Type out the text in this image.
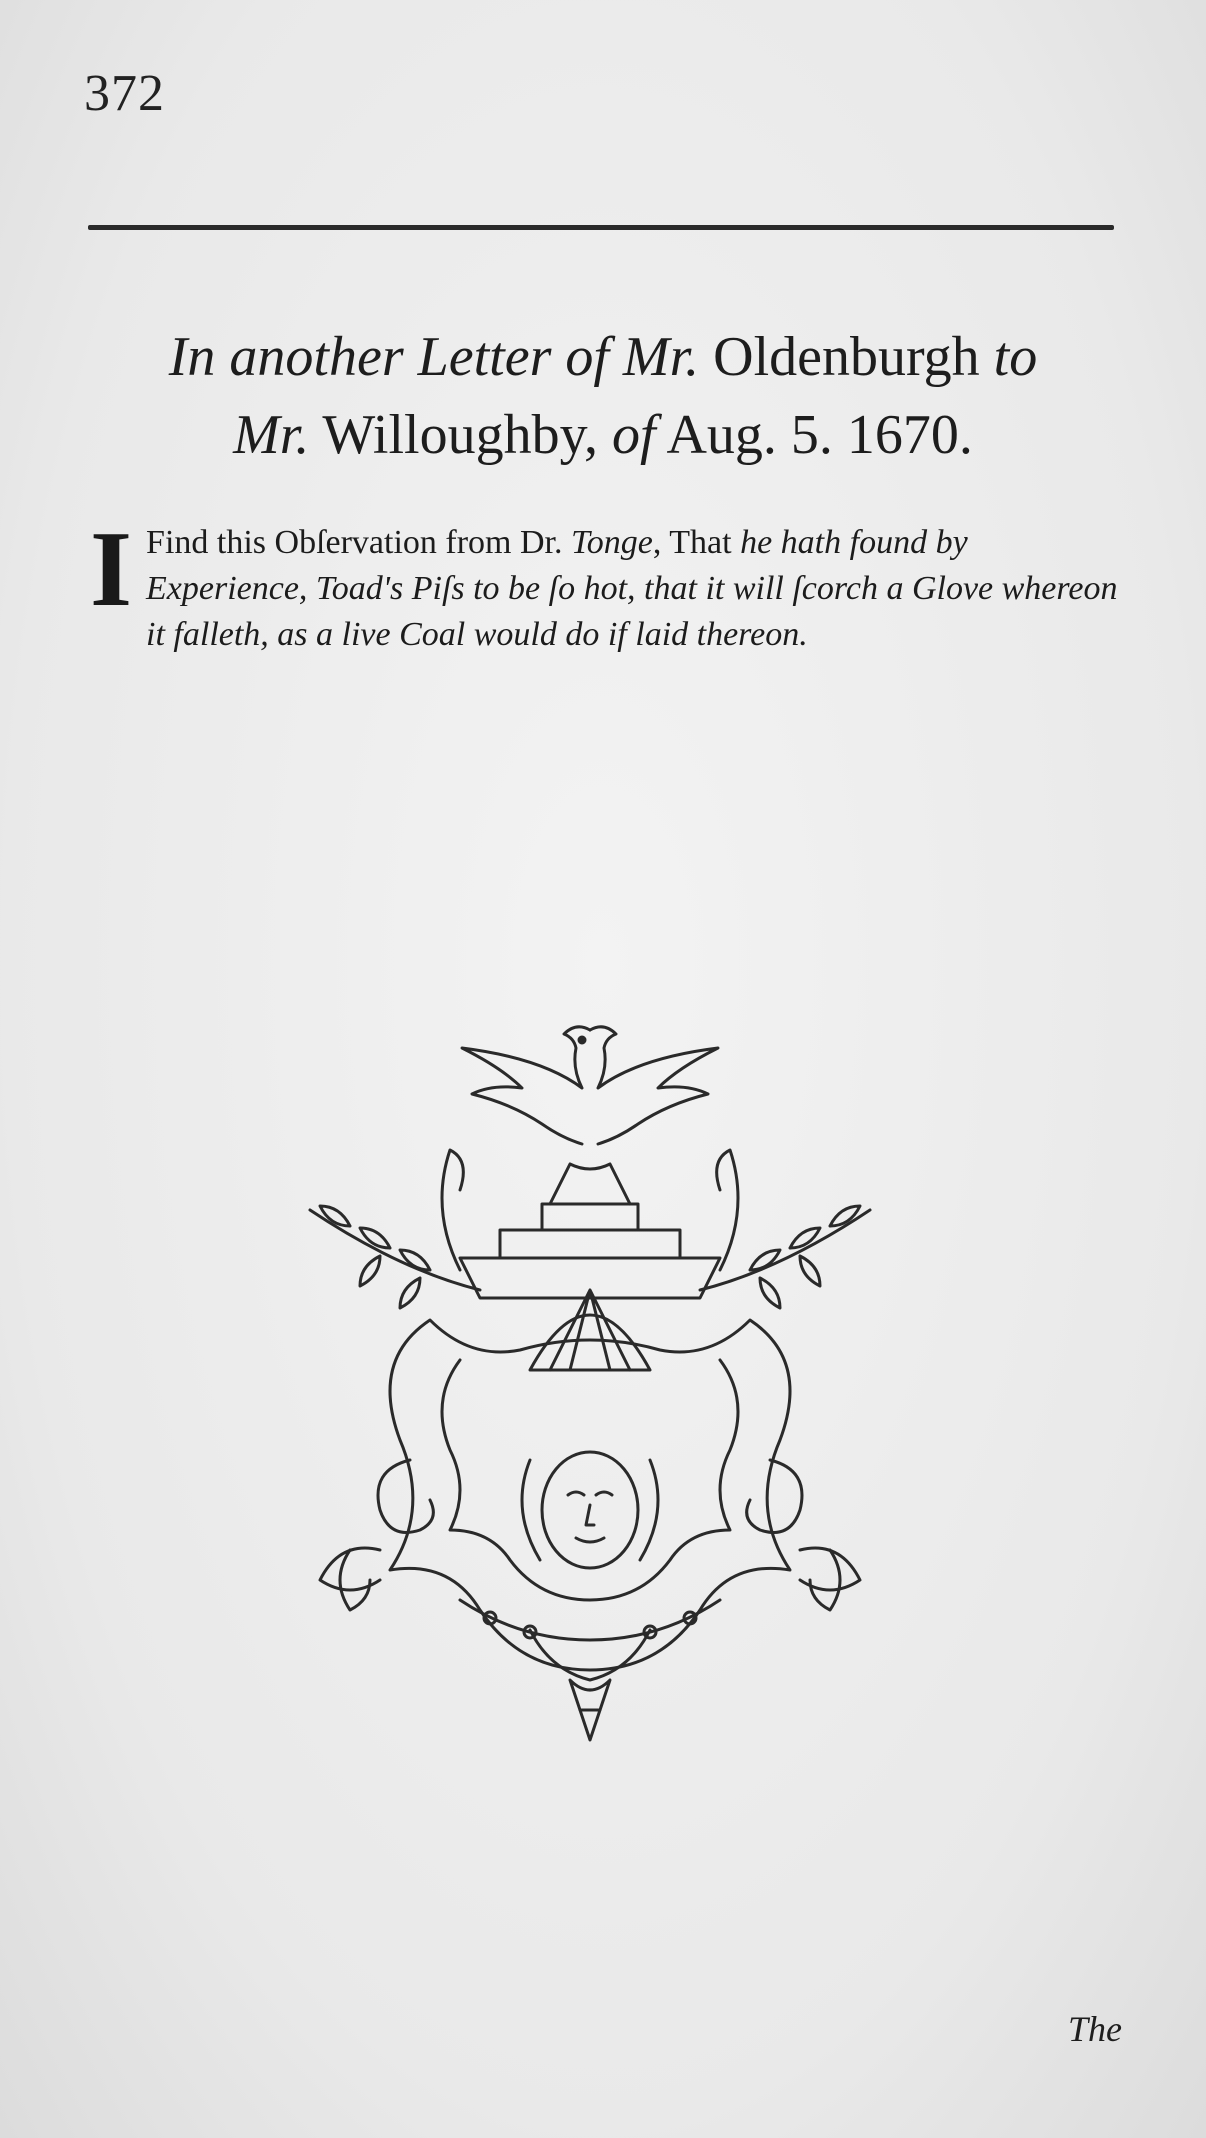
372
In another Letter of Mr. Oldenburgh to
Mr. Willoughby, of Aug. 5. 1670.
I Find this Obſervation from Dr. Tonge, That he hath found by Experience, Toad's Piſs to be ſo hot, that it will ſcorch a Glove whereon it falleth, as a live Coal would do if laid thereon.
The
